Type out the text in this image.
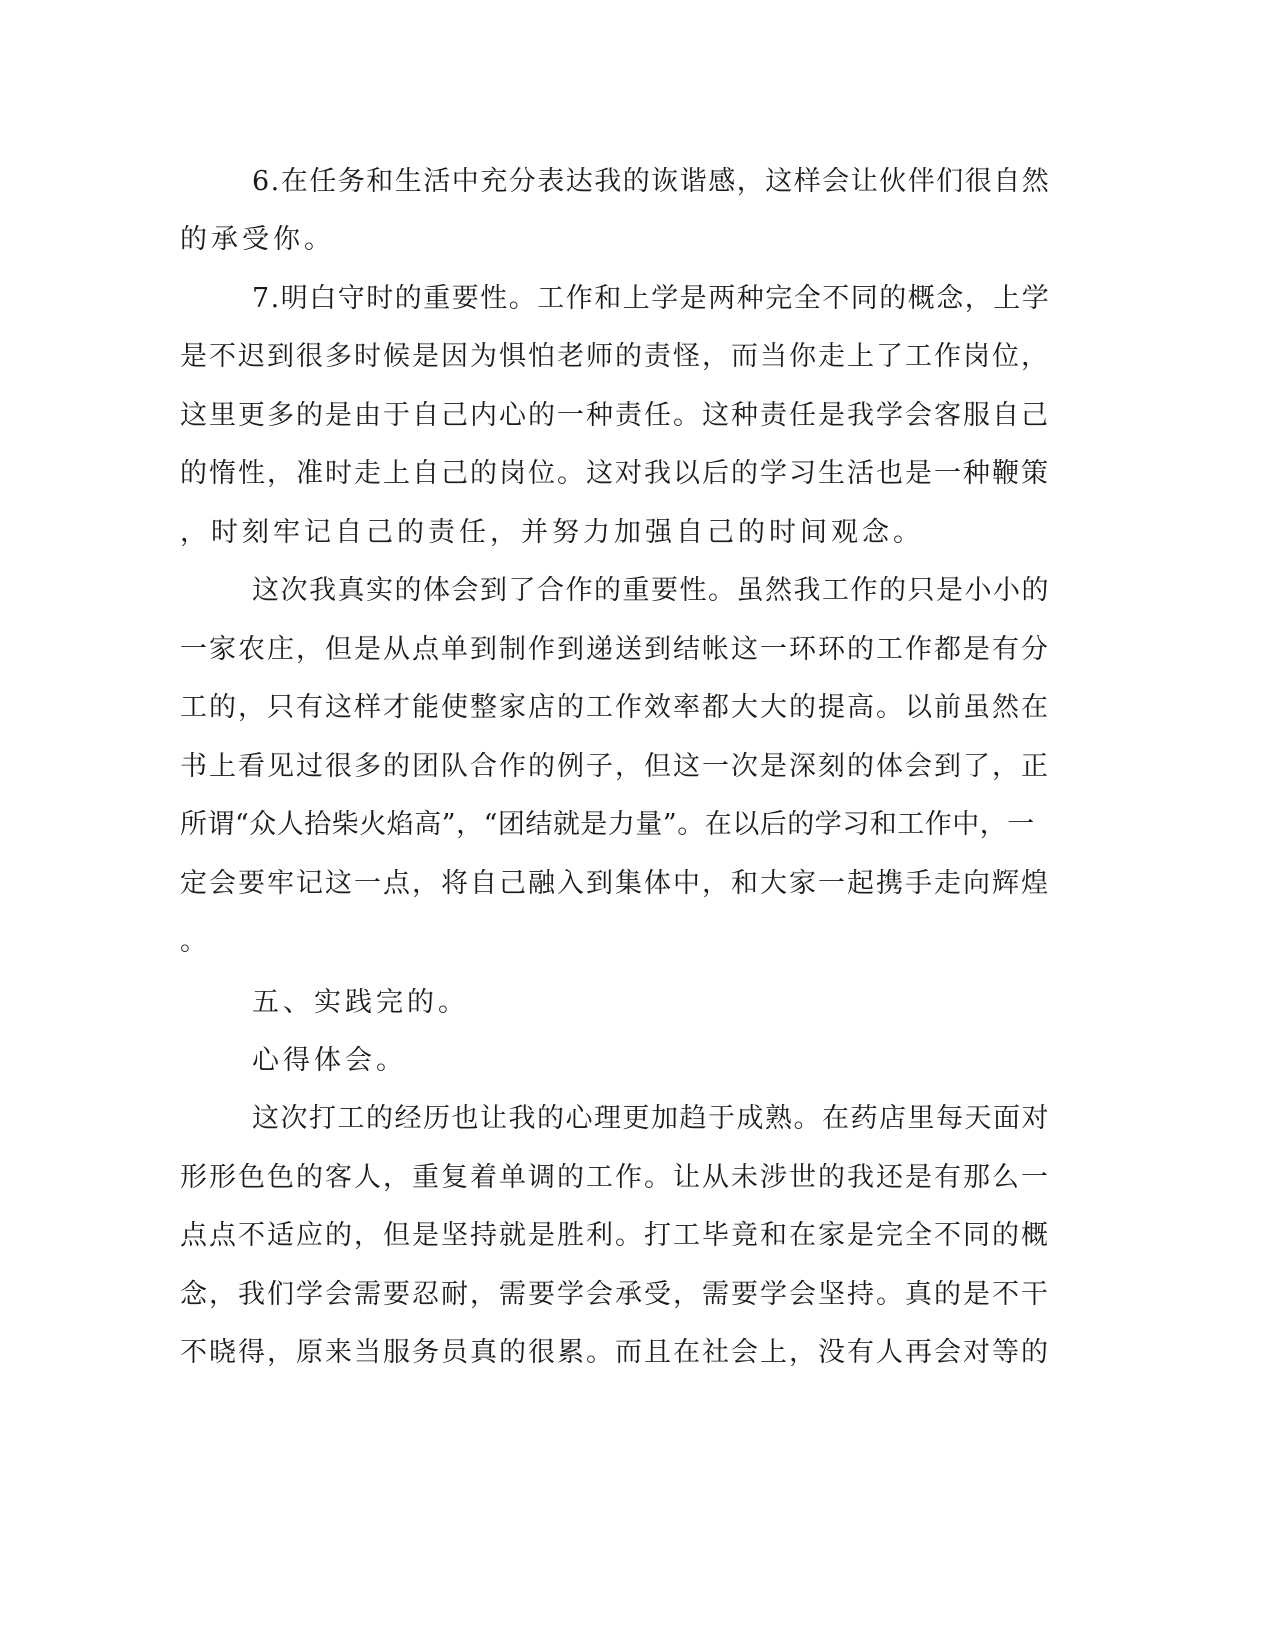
6.在任务和生活中充分表达我的诙谐感，这样会让伙伴们很自然
的承受你。
7.明白守时的重要性。工作和上学是两种完全不同的概念，上学
是不迟到很多时候是因为惧怕老师的责怪，而当你走上了工作岗位，
这里更多的是由于自己内心的一种责任。这种责任是我学会客服自己
的惰性，准时走上自己的岗位。这对我以后的学习生活也是一种鞭策
，时刻牢记自己的责任，并努力加强自己的时间观念。
这次我真实的体会到了合作的重要性。虽然我工作的只是小小的
一家农庄，但是从点单到制作到递送到结帐这一环环的工作都是有分
工的，只有这样才能使整家店的工作效率都大大的提高。以前虽然在
书上看见过很多的团队合作的例子，但这一次是深刻的体会到了，正
所谓“众人拾柴火焰高”，“团结就是力量”。在以后的学习和工作中，一
定会要牢记这一点，将自己融入到集体中，和大家一起携手走向辉煌
。
五、实践完的。
心得体会。
这次打工的经历也让我的心理更加趋于成熟。在药店里每天面对
形形色色的客人，重复着单调的工作。让从未涉世的我还是有那么一
点点不适应的，但是坚持就是胜利。打工毕竟和在家是完全不同的概
念，我们学会需要忍耐，需要学会承受，需要学会坚持。真的是不干
不晓得，原来当服务员真的很累。而且在社会上，没有人再会对等的
